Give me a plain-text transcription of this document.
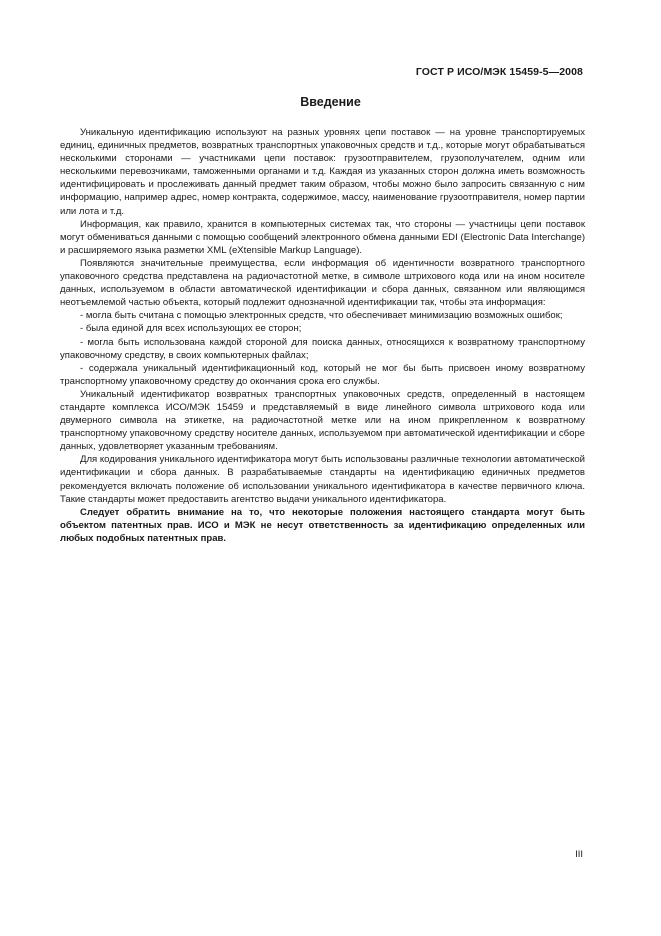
ГОСТ Р ИСО/МЭК 15459-5—2008
Введение

Уникальную идентификацию используют на разных уровнях цепи поставок — на уровне транспортируемых единиц, единичных предметов, возвратных транспортных упаковочных средств и т.д., которые могут обрабатываться несколькими сторонами — участниками цепи поставок: грузоотправителем, грузополучателем, одним или несколькими перевозчиками, таможенными органами и т.д. Каждая из указанных сторон должна иметь возможность идентифицировать и прослеживать данный предмет таким образом, чтобы можно было запросить связанную с ним информацию, например адрес, номер контракта, содержимое, массу, наименование грузоотправителя, номер партии или лота и т.д.

Информация, как правило, хранится в компьютерных системах так, что стороны — участницы цепи поставок могут обмениваться данными с помощью сообщений электронного обмена данными EDI (Electronic Data Interchange) и расширяемого языка разметки XML (eXtensible Markup Language).

Появляются значительные преимущества, если информация об идентичности возвратного транспортного упаковочного средства представлена на радиочастотной метке, в символе штрихового кода или на ином носителе данных, используемом в области автоматической идентификации и сбора данных, связанном или являющимся неотъемлемой частью объекта, который подлежит однозначной идентификации так, чтобы эта информация:

- могла быть считана с помощью электронных средств, что обеспечивает минимизацию возможных ошибок;
- была единой для всех использующих ее сторон;
- могла быть использована каждой стороной для поиска данных, относящихся к возвратному транспортному упаковочному средству, в своих компьютерных файлах;
- содержала уникальный идентификационный код, который не мог бы быть присвоен иному возвратному транспортному упаковочному средству до окончания срока его службы.

Уникальный идентификатор возвратных транспортных упаковочных средств, определенный в настоящем стандарте комплекса ИСО/МЭК 15459 и представляемый в виде линейного символа штрихового кода или двумерного символа на этикетке, на радиочастотной метке или на ином прикрепленном к возвратному транспортному упаковочному средству носителе данных, используемом при автоматической идентификации и сборе данных, удовлетворяет указанным требованиям.

Для кодирования уникального идентификатора могут быть использованы различные технологии автоматической идентификации и сбора данных. В разрабатываемые стандарты на идентификацию единичных предметов рекомендуется включать положение об использовании уникального идентификатора в качестве первичного ключа. Такие стандарты может предоставить агентство выдачи уникального идентификатора.

Следует обратить внимание на то, что некоторые положения настоящего стандарта могут быть объектом патентных прав. ИСО и МЭК не несут ответственность за идентификацию определенных или любых подобных патентных прав.

III
